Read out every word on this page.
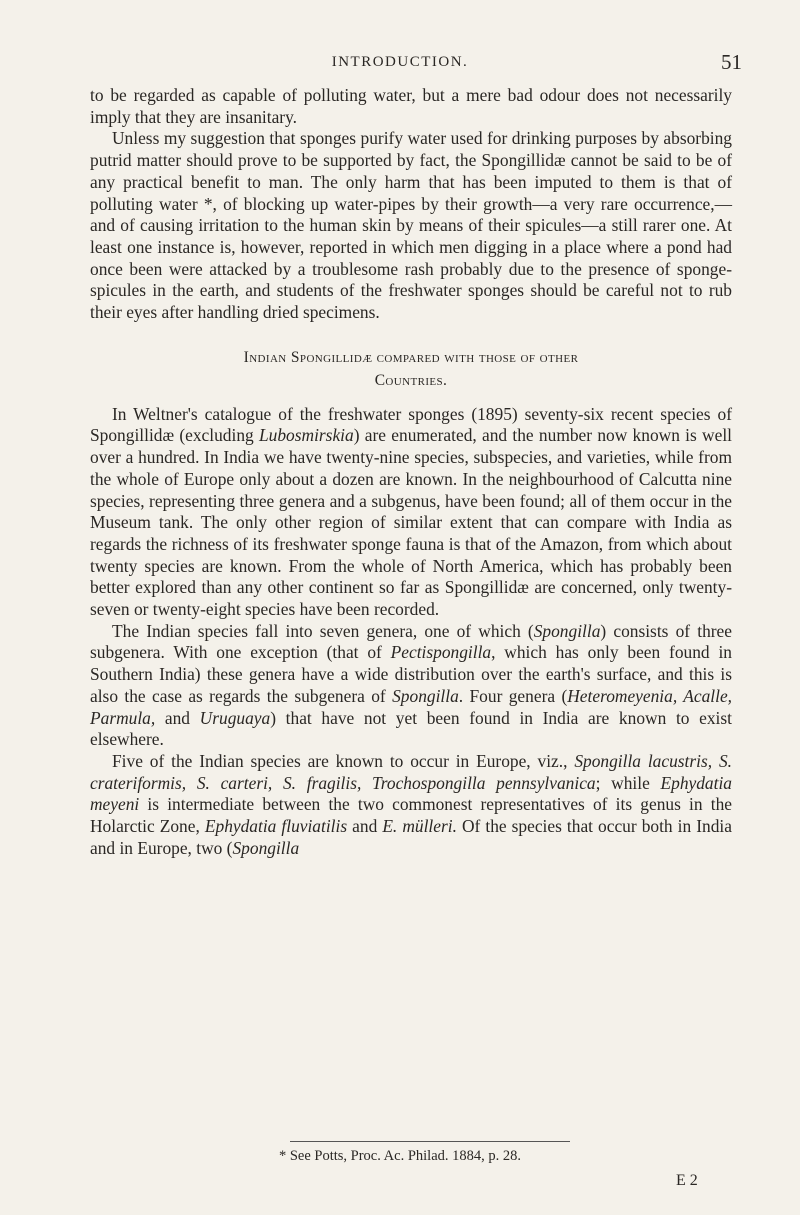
INTRODUCTION.	51

to be regarded as capable of polluting water, but a mere bad odour does not necessarily imply that they are insanitary.

Unless my suggestion that sponges purify water used for drinking purposes by absorbing putrid matter should prove to be supported by fact, the Spongillidæ cannot be said to be of any practical benefit to man. The only harm that has been imputed to them is that of polluting water *, of blocking up water-pipes by their growth—a very rare occurrence,—and of causing irritation to the human skin by means of their spicules—a still rarer one. At least one instance is, however, reported in which men digging in a place where a pond had once been were attacked by a troublesome rash probably due to the presence of sponge-spicules in the earth, and students of the freshwater sponges should be careful not to rub their eyes after handling dried specimens.

Indian Spongillidæ compared with those of other
Countries.

In Weltner's catalogue of the freshwater sponges (1895) seventy-six recent species of Spongillidæ (excluding Lubosmirskia) are enumerated, and the number now known is well over a hundred. In India we have twenty-nine species, subspecies, and varieties, while from the whole of Europe only about a dozen are known. In the neighbourhood of Calcutta nine species, representing three genera and a subgenus, have been found; all of them occur in the Museum tank. The only other region of similar extent that can compare with India as regards the richness of its freshwater sponge fauna is that of the Amazon, from which about twenty species are known. From the whole of North America, which has probably been better explored than any other continent so far as Spongillidæ are concerned, only twenty-seven or twenty-eight species have been recorded.

The Indian species fall into seven genera, one of which (Spongilla) consists of three subgenera. With one exception (that of Pectispongilla, which has only been found in Southern India) these genera have a wide distribution over the earth's surface, and this is also the case as regards the subgenera of Spongilla. Four genera (Heteromeyenia, Acalle, Parmula, and Uruguaya) that have not yet been found in India are known to exist elsewhere.

Five of the Indian species are known to occur in Europe, viz., Spongilla lacustris, S. crateriformis, S. carteri, S. fragilis, Trochospongilla pennsylvanica; while Ephydatia meyeni is intermediate between the two commonest representatives of its genus in the Holarctic Zone, Ephydatia fluviatilis and E. mülleri. Of the species that occur both in India and in Europe, two (Spongilla

* See Potts, Proc. Ac. Philad. 1884, p. 28.
E 2
